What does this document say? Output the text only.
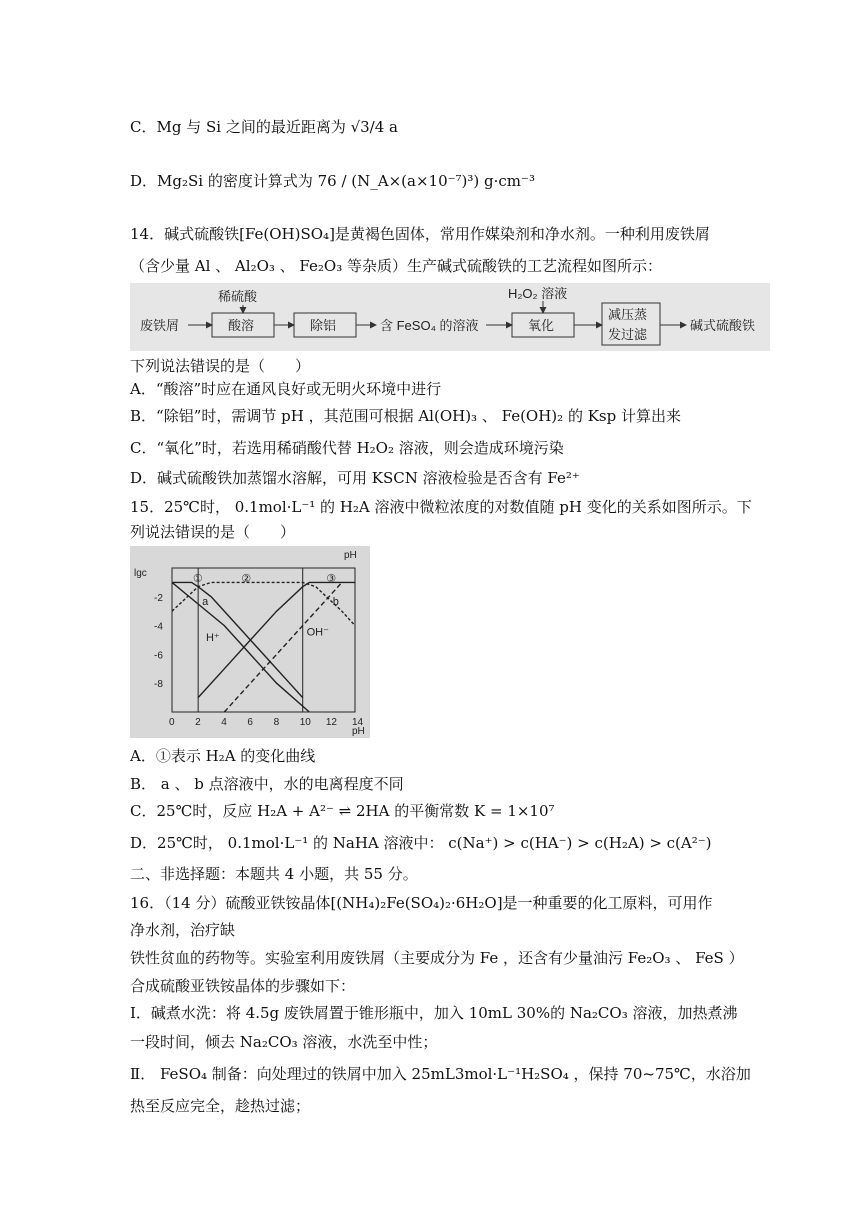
C．Mg 与 Si 之间的最近距离为 √3/4 a
D．Mg₂Si 的密度计算式为 76 / (N_A×(a×10⁻⁷)³) g·cm⁻³
14．碱式硫酸铁[Fe(OH)SO₄]是黄褐色固体，常用作媒染剂和净水剂。一种利用废铁屑
（含少量 Al 、 Al₂O₃ 、 Fe₂O₃ 等杂质）生产碱式硫酸铁的工艺流程如图所示：
稀硫酸	H₂O₂ 溶液
废铁屑	酸溶	除铝	含 FeSO₄ 的溶液	氧化
减压蒸
发过滤
碱式硫酸铁
下列说法错误的是（　　）
A．“酸溶”时应在通风良好或无明火环境中进行
B．“除铝”时，需调节 pH ，其范围可根据 Al(OH)₃ 、 Fe(OH)₂ 的 Ksp 计算出来
C．“氧化”时，若选用稀硝酸代替 H₂O₂ 溶液，则会造成环境污染
D．碱式硫酸铁加蒸馏水溶解，可用 KSCN 溶液检验是否含有 Fe²⁺
15．25℃时， 0.1mol·L⁻¹ 的 H₂A 溶液中微粒浓度的对数值随 pH 变化的关系如图所示。下
列说法错误的是（　　）
lgc
pH
pH
0 2 4 6 8 10 12 14
-2
-4
-6
-8
①	②	③
a	b
H⁺	OH⁻
A．①表示 H₂A 的变化曲线
B． a 、 b 点溶液中，水的电离程度不同
C．25℃时，反应 H₂A + A²⁻ ⇌ 2HA 的平衡常数 K = 1×10⁷
D．25℃时， 0.1mol·L⁻¹ 的 NaHA 溶液中： c(Na⁺) > c(HA⁻) > c(H₂A) > c(A²⁻)
二、非选择题：本题共 4 小题，共 55 分。
16．（14 分）硫酸亚铁铵晶体[(NH₄)₂Fe(SO₄)₂·6H₂O]是一种重要的化工原料，可用作
净水剂，治疗缺
铁性贫血的药物等。实验室利用废铁屑（主要成分为 Fe ，还含有少量油污 Fe₂O₃ 、 FeS ）
合成硫酸亚铁铵晶体的步骤如下：
Ⅰ．碱煮水洗：将 4.5g 废铁屑置于锥形瓶中，加入 10mL 30%的 Na₂CO₃ 溶液，加热煮沸
一段时间，倾去 Na₂CO₃ 溶液，水洗至中性；
Ⅱ． FeSO₄ 制备：向处理过的铁屑中加入 25mL3mol·L⁻¹H₂SO₄ ，保持 70~75℃，水浴加
热至反应完全，趁热过滤；
